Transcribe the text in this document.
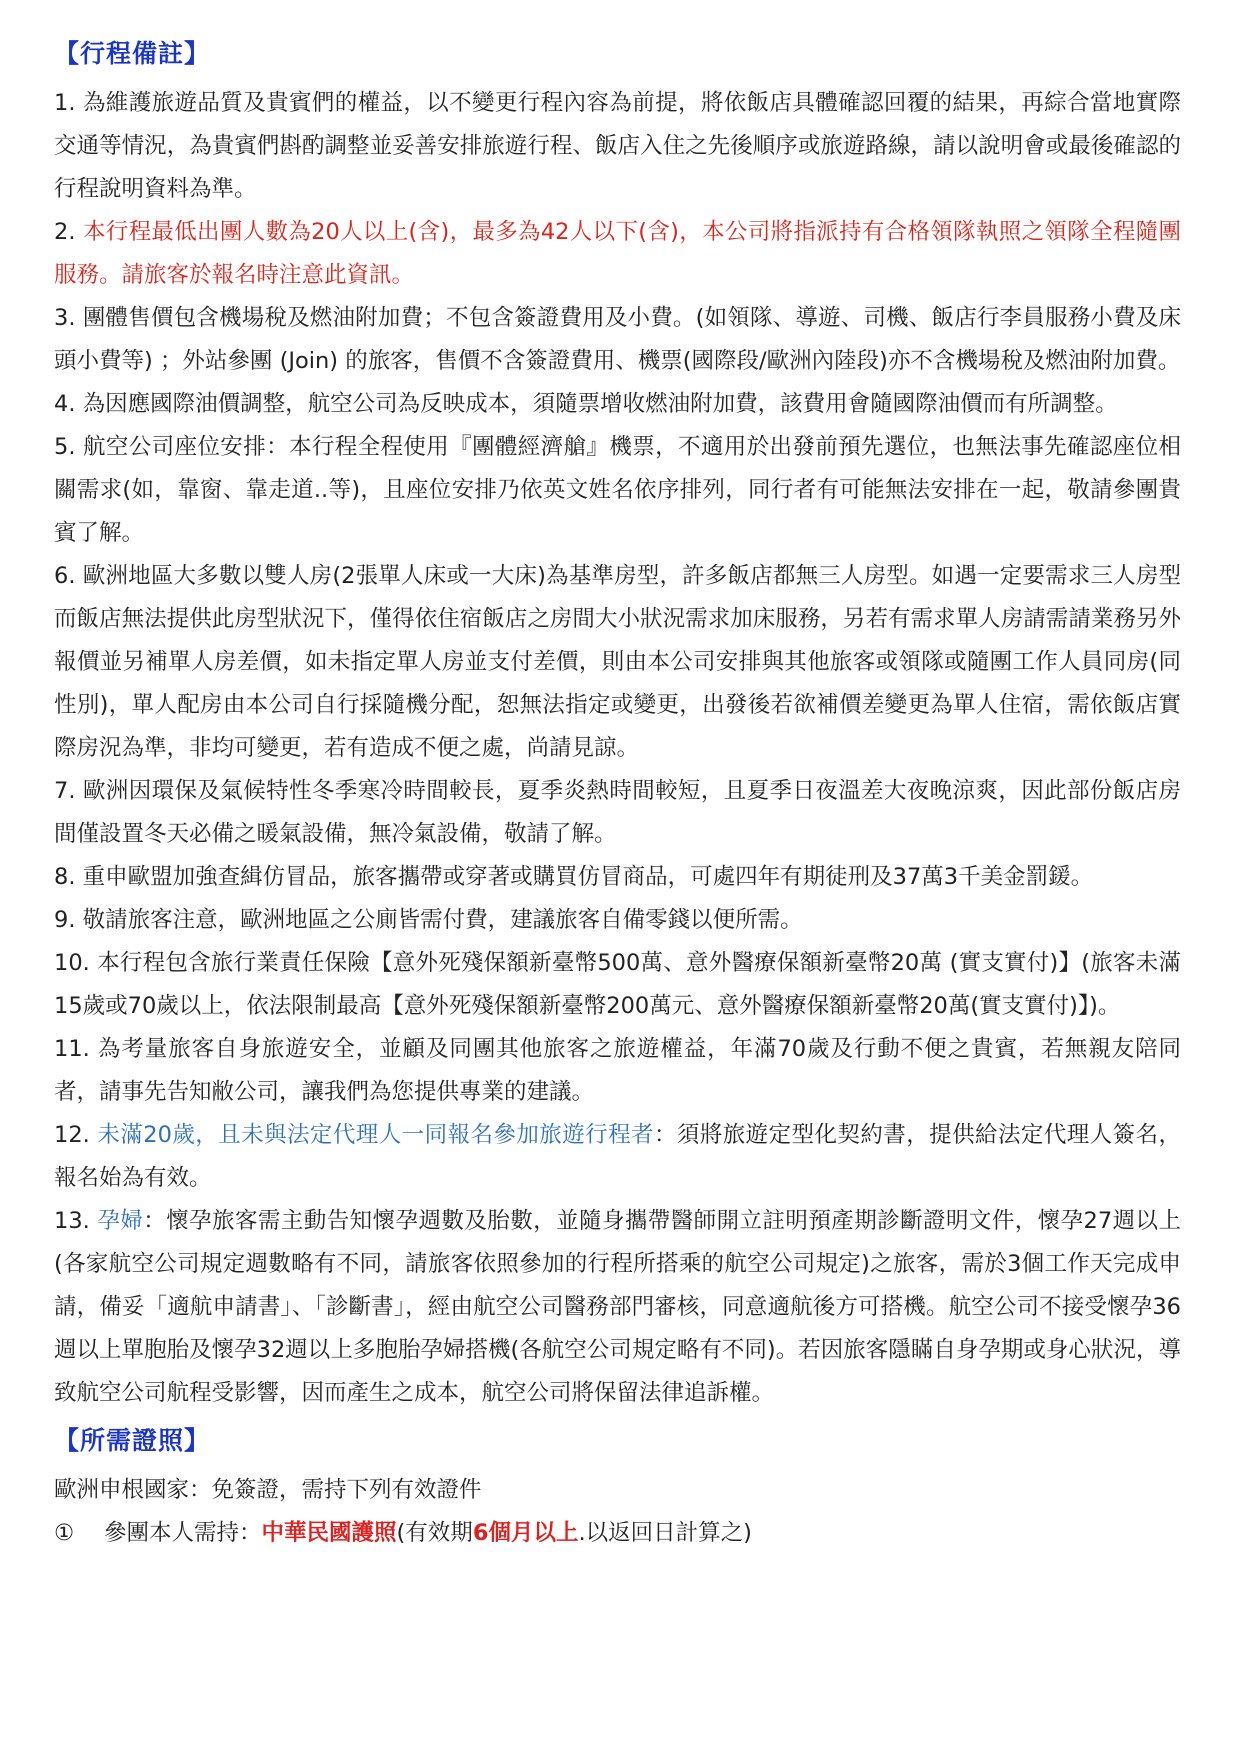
【行程備註】

1. 為維護旅遊品質及貴賓們的權益，以不變更行程內容為前提，將依飯店具體確認回覆的結果，再綜合當地實際交通等情況，為貴賓們斟酌調整並妥善安排旅遊行程、飯店入住之先後順序或旅遊路線，請以說明會或最後確認的行程說明資料為準。

2. 本行程最低出團人數為20人以上(含)，最多為42人以下(含)，本公司將指派持有合格領隊執照之領隊全程隨團服務。請旅客於報名時注意此資訊。

3. 團體售價包含機場稅及燃油附加費；不包含簽證費用及小費。(如領隊、導遊、司機、飯店行李員服務小費及床頭小費等) ；外站參團 (Join) 的旅客，售價不含簽證費用、機票(國際段/歐洲內陸段)亦不含機場稅及燃油附加費。

4. 為因應國際油價調整，航空公司為反映成本，須隨票增收燃油附加費，該費用會隨國際油價而有所調整。

5. 航空公司座位安排：本行程全程使用『團體經濟艙』機票，不適用於出發前預先選位，也無法事先確認座位相關需求(如，靠窗、靠走道..等)，且座位安排乃依英文姓名依序排列，同行者有可能無法安排在一起，敬請參團貴賓了解。

6. 歐洲地區大多數以雙人房(2張單人床或一大床)為基準房型，許多飯店都無三人房型。如遇一定要需求三人房型而飯店無法提供此房型狀況下，僅得依住宿飯店之房間大小狀況需求加床服務，另若有需求單人房請需請業務另外報價並另補單人房差價，如未指定單人房並支付差價，則由本公司安排與其他旅客或領隊或隨團工作人員同房(同性別)，單人配房由本公司自行採隨機分配，恕無法指定或變更，出發後若欲補價差變更為單人住宿，需依飯店實際房況為準，非均可變更，若有造成不便之處，尚請見諒。

7. 歐洲因環保及氣候特性冬季寒冷時間較長，夏季炎熱時間較短，且夏季日夜溫差大夜晚涼爽，因此部份飯店房間僅設置冬天必備之暖氣設備，無冷氣設備，敬請了解。

8. 重申歐盟加強查緝仿冒品，旅客攜帶或穿著或購買仿冒商品，可處四年有期徒刑及37萬3千美金罰鍰。

9. 敬請旅客注意，歐洲地區之公廁皆需付費，建議旅客自備零錢以便所需。

10. 本行程包含旅行業責任保險【意外死殘保額新臺幣500萬、意外醫療保額新臺幣20萬 (實支實付)】(旅客未滿15歲或70歲以上，依法限制最高【意外死殘保額新臺幣200萬元、意外醫療保額新臺幣20萬(實支實付)】)。

11. 為考量旅客自身旅遊安全，並顧及同團其他旅客之旅遊權益，年滿70歲及行動不便之貴賓，若無親友陪同者，請事先告知敝公司，讓我們為您提供專業的建議。

12. 未滿20歲，且未與法定代理人一同報名參加旅遊行程者：須將旅遊定型化契約書，提供給法定代理人簽名，報名始為有效。

13. 孕婦：懷孕旅客需主動告知懷孕週數及胎數，並隨身攜帶醫師開立註明預產期診斷證明文件，懷孕27週以上(各家航空公司規定週數略有不同，請旅客依照參加的行程所搭乘的航空公司規定)之旅客，需於3個工作天完成申請，備妥「適航申請書」、「診斷書」，經由航空公司醫務部門審核，同意適航後方可搭機。航空公司不接受懷孕36週以上單胞胎及懷孕32週以上多胞胎孕婦搭機(各航空公司規定略有不同)。若因旅客隱瞞自身孕期或身心狀況，導致航空公司航程受影響，因而產生之成本，航空公司將保留法律追訴權。

【所需證照】

歐洲申根國家：免簽證，需持下列有效證件

①	參團本人需持：中華民國護照(有效期6個月以上.以返回日計算之)
